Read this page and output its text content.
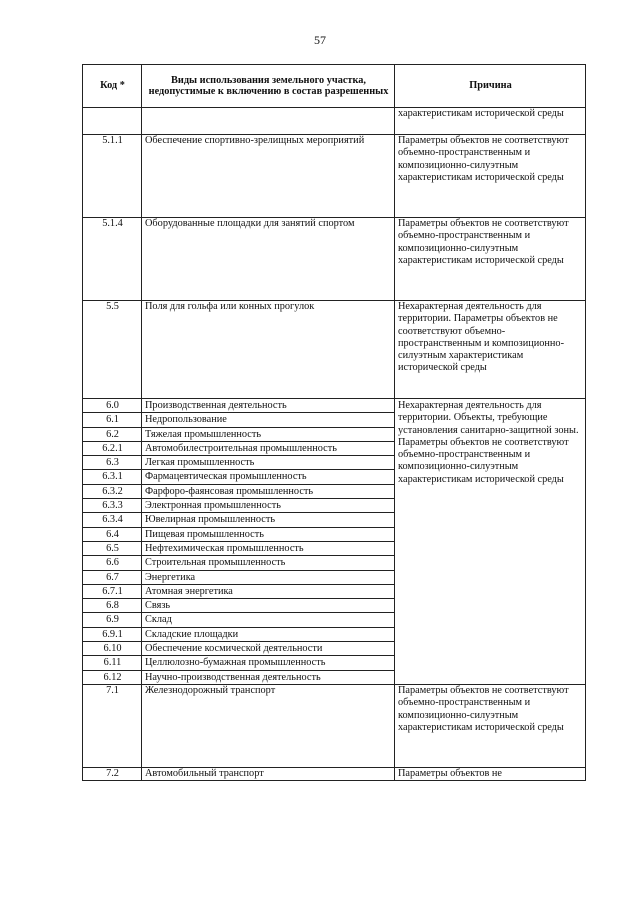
57
Код *	Виды использования земельного участка, недопустимые к включению в состав разрешенных	Причина
		характеристикам исторической среды
5.1.1	Обеспечение спортивно-зрелищных мероприятий	Параметры объектов не соответствуют объемно-пространственным и композиционно-силуэтным характеристикам исторической среды
5.1.4	Оборудованные площадки для занятий спортом	Параметры объектов не соответствуют объемно-пространственным и композиционно-силуэтным характеристикам исторической среды
5.5	Поля для гольфа или конных прогулок	Нехарактерная деятельность для территории. Параметры объектов не соответствуют объемно-пространственным и композиционно-силуэтным характеристикам исторической среды
6.0	Производственная деятельность	Нехарактерная деятельность для территории. Объекты, требующие установления санитарно-защитной зоны. Параметры объектов не соответствуют объемно-пространственным и композиционно-силуэтным характеристикам исторической среды
6.1	Недропользование	
6.2	Тяжелая промышленность	
6.2.1	Автомобилестроительная промышленность	
6.3	Легкая промышленность	
6.3.1	Фармацевтическая промышленность	
6.3.2	Фарфоро-фаянсовая промышленность	
6.3.3	Электронная промышленность	
6.3.4	Ювелирная промышленность	
6.4	Пищевая промышленность	
6.5	Нефтехимическая промышленность	
6.6	Строительная промышленность	
6.7	Энергетика	
6.7.1	Атомная энергетика	
6.8	Связь	
6.9	Склад	
6.9.1	Складские площадки	
6.10	Обеспечение космической деятельности	
6.11	Целлюлозно-бумажная промышленность	
6.12	Научно-производственная деятельность	
7.1	Железнодорожный транспорт	Параметры объектов не соответствуют объемно-пространственным и композиционно-силуэтным характеристикам исторической среды
7.2	Автомобильный транспорт	Параметры объектов не
